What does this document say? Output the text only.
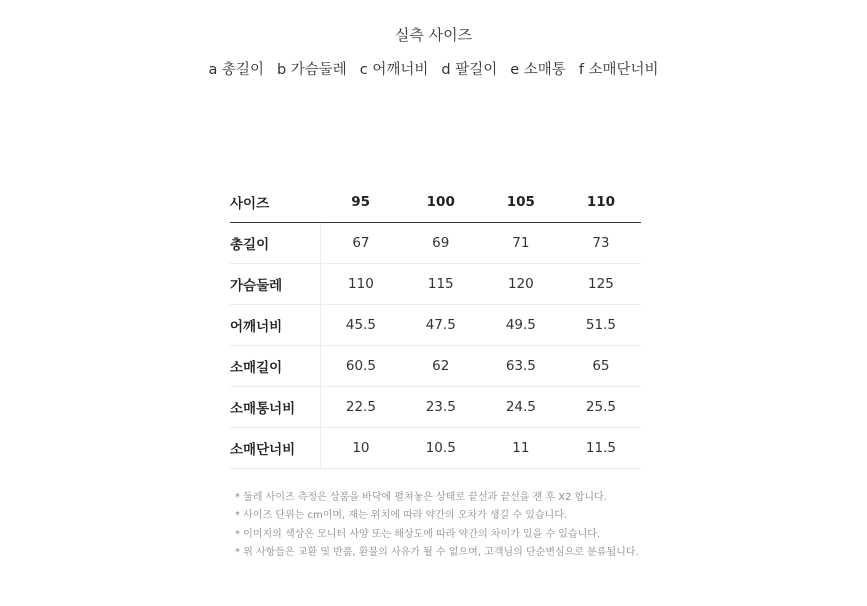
실측 사이즈
a 총길이 b 가슴둘레 c 어깨너비 d 팔길이 e 소매통 f 소매단너비
사이즈	95	100	105	110
총길이	67	69	71	73
가슴둘레	110	115	120	125
어깨너비	45.5	47.5	49.5	51.5
소매길이	60.5	62	63.5	65
소매통너비	22.5	23.5	24.5	25.5
소매단너비	10	10.5	11	11.5
* 둘레 사이즈 측정은 상품을 바닥에 펼쳐놓은 상태로 끝선과 끝선을 잰 후 X2 합니다.
* 사이즈 단위는 cm이며, 재는 위치에 따라 약간의 오차가 생길 수 있습니다.
* 이미지의 색상은 모니터 사양 또는 해상도에 따라 약간의 차이가 있을 수 있습니다.
* 위 사항들은 교환 및 반품, 환불의 사유가 될 수 없으며, 고객님의 단순변심으로 분류됩니다.
